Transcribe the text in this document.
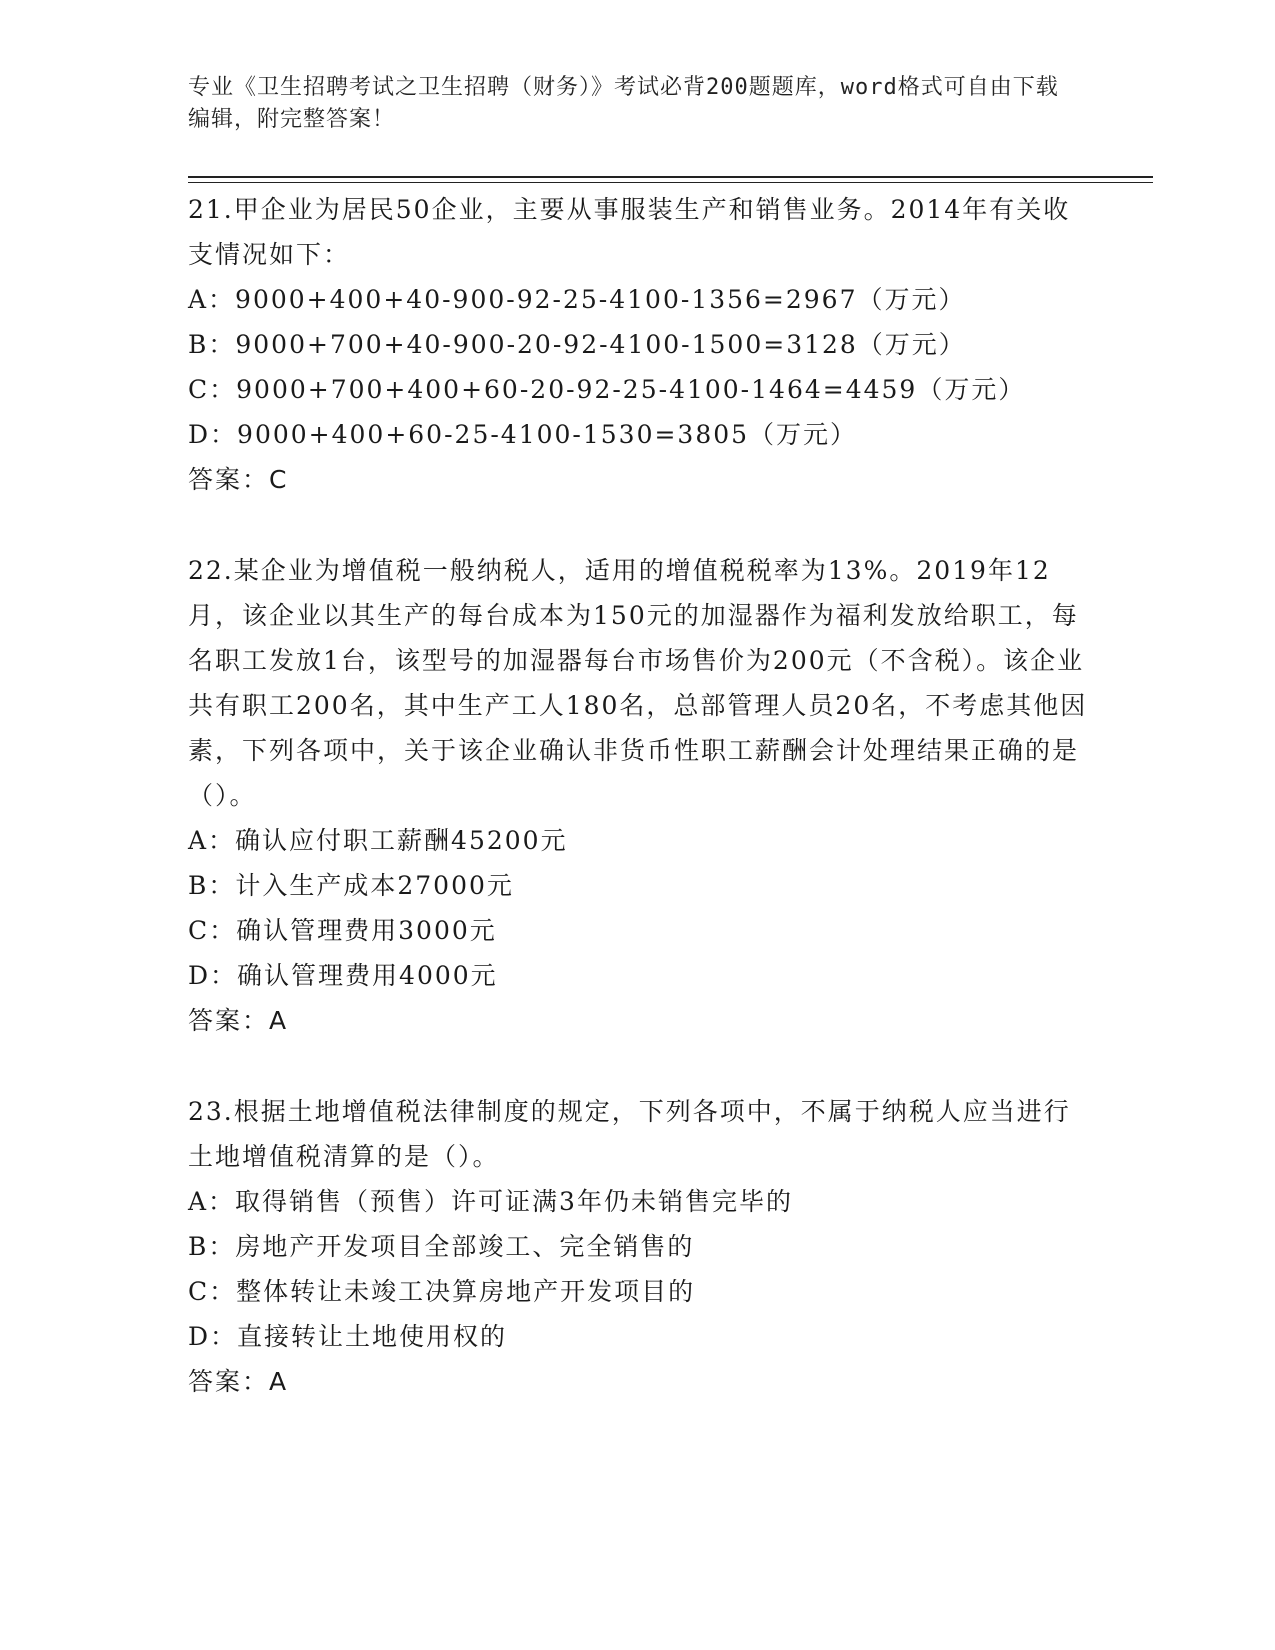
专业《卫生招聘考试之卫生招聘（财务）》考试必背200题题库，word格式可自由下载编辑，附完整答案！

21.甲企业为居民50企业，主要从事服装生产和销售业务。2014年有关收支情况如下：

A：9000+400+40-900-92-25-4100-1356=2967（万元）

B：9000+700+40-900-20-92-4100-1500=3128（万元）

C：9000+700+400+60-20-92-25-4100-1464=4459（万元）

D：9000+400+60-25-4100-1530=3805（万元）

答案：C

22.某企业为增值税一般纳税人，适用的增值税税率为13%。2019年12月，该企业以其生产的每台成本为150元的加湿器作为福利发放给职工，每名职工发放1台，该型号的加湿器每台市场售价为200元（不含税）。该企业共有职工200名，其中生产工人180名，总部管理人员20名，不考虑其他因素，下列各项中，关于该企业确认非货币性职工薪酬会计处理结果正确的是（）。

A：确认应付职工薪酬45200元

B：计入生产成本27000元

C：确认管理费用3000元

D：确认管理费用4000元

答案：A

23.根据土地增值税法律制度的规定，下列各项中，不属于纳税人应当进行土地增值税清算的是（）。

A：取得销售（预售）许可证满3年仍未销售完毕的

B：房地产开发项目全部竣工、完全销售的

C：整体转让未竣工决算房地产开发项目的

D：直接转让土地使用权的

答案：A
